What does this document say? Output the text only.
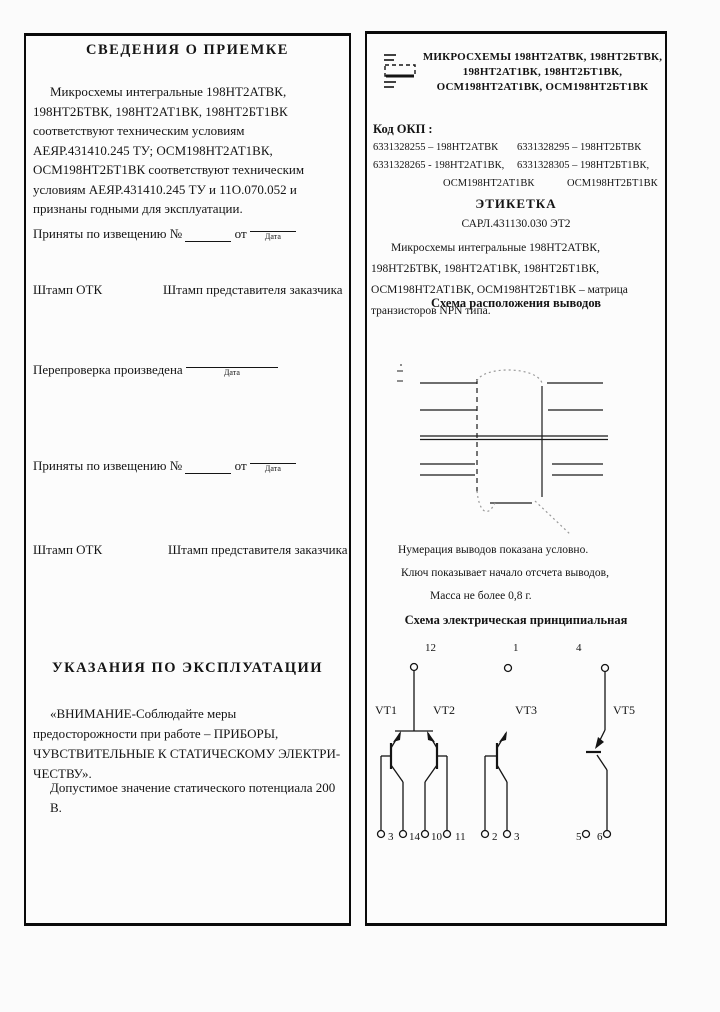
СВЕДЕНИЯ О ПРИЕМКЕ
Микросхемы интегральные 198НТ2АТВК, 198НТ2БТВК, 198НТ2АТ1ВК, 198НТ2БТ1ВК соответствуют техническим условиям АЕЯР.431410.245 ТУ; ОСМ198НТ2АТ1ВК, ОСМ198НТ2БТ1ВК соответствуют техническим условиям АЕЯР.431410.245 ТУ и 11О.070.052 и признаны годными для эксплуатации.
Приняты по извещению №	от	Дата
Штамп ОТК	Штамп представителя заказчика
Перепроверка произведена	Дата
Приняты по извещению №	от	Дата
Штамп ОТК	Штамп представителя заказчика
УКАЗАНИЯ ПО ЭКСПЛУАТАЦИИ
«ВНИМАНИЕ-Соблюдайте меры предосторожности при работе – ПРИБОРЫ, ЧУВСТВИТЕЛЬНЫЕ К СТАТИЧЕСКОМУ ЭЛЕКТРИ-ЧЕСТВУ».
Допустимое значение статического потенциала 200 В.
МИКРОСХЕМЫ 198НТ2АТВК, 198НТ2БТВК,
198НТ2АТ1ВК, 198НТ2БТ1ВК,
ОСМ198НТ2АТ1ВК, ОСМ198НТ2БТ1ВК
Код ОКП :
6331328255 – 198НТ2АТВК 6331328295 – 198НТ2БТВК
6331328265 - 198НТ2АТ1ВК, 6331328305 – 198НТ2БТ1ВК,
ОСМ198НТ2АТ1ВК	ОСМ198НТ2БТ1ВК
ЭТИКЕТКА
САРЛ.431130.030 ЭТ2
Микросхемы интегральные 198НТ2АТВК, 198НТ2БТВК, 198НТ2АТ1ВК, 198НТ2БТ1ВК, ОСМ198НТ2АТ1ВК, ОСМ198НТ2БТ1ВК – матрица транзисторов NPN типа.
Схема расположения выводов
Нумерация выводов показана условно.
Ключ показывает начало отсчета выводов,
Масса не более 0,8 г.
Схема электрическая принципиальная
12	1	4
VT1	VT2	VT3	VT5
3 14 10 11 2 3	5 6
